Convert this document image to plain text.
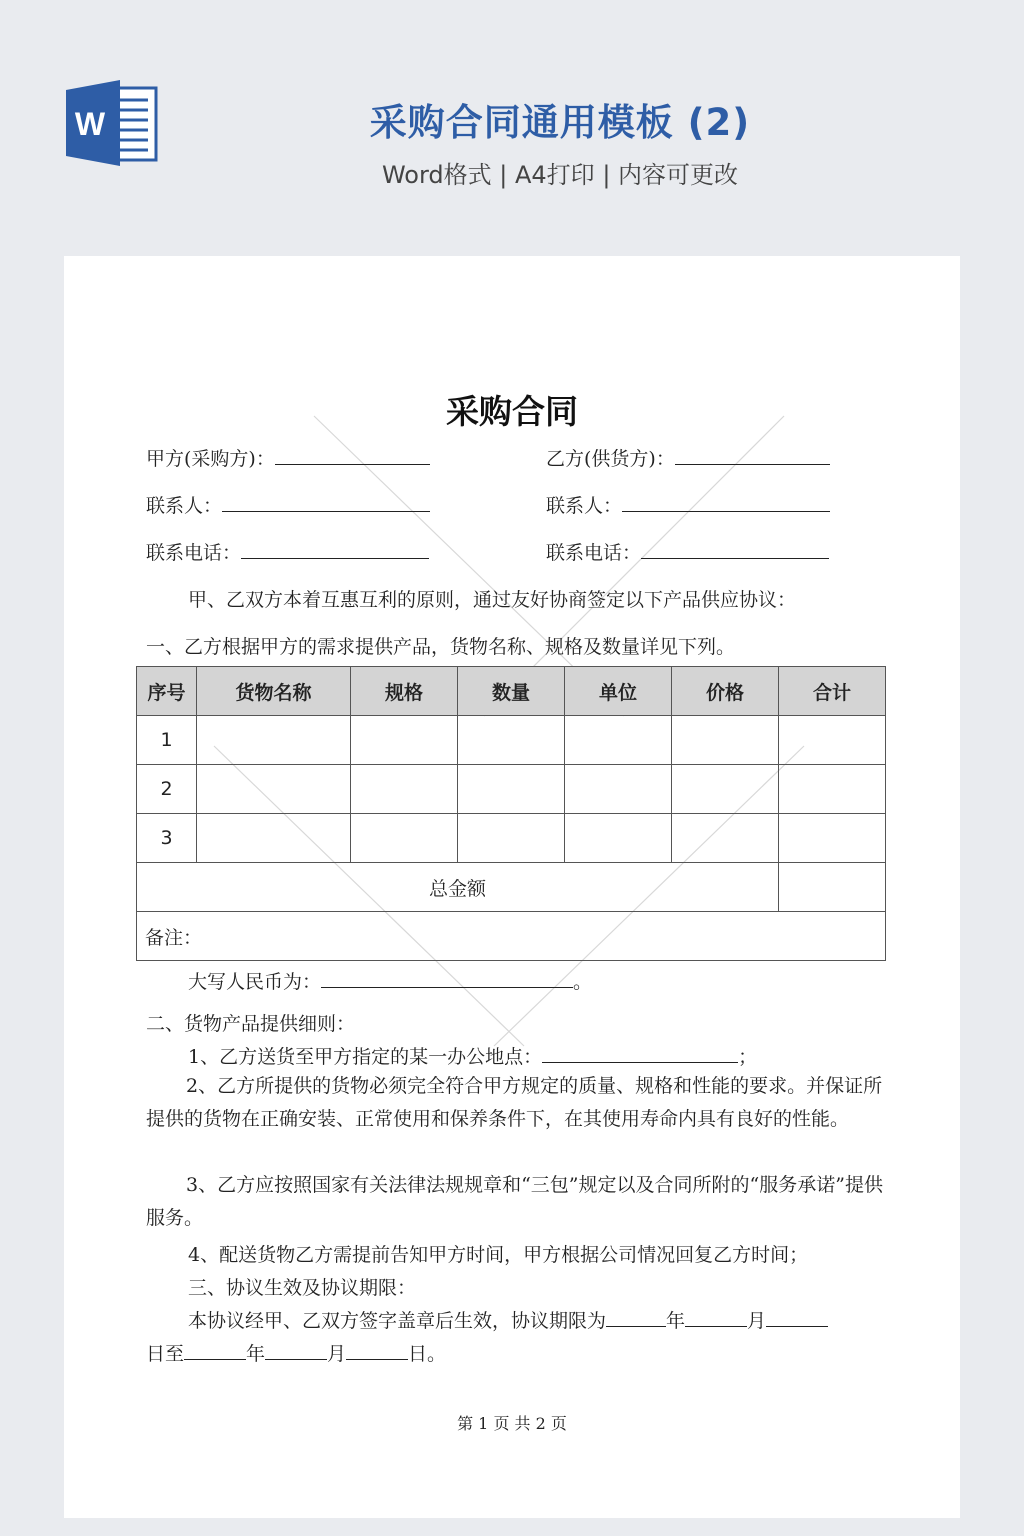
W	采购合同通用模板 (2)
Word格式 | A4打印 | 内容可更改
采购合同
甲方(采购方)：	乙方(供货方)：
联系人：	联系人：
联系电话：	联系电话：
甲、乙双方本着互惠互利的原则，通过友好协商签定以下产品供应协议：
一、乙方根据甲方的需求提供产品，货物名称、规格及数量详见下列。
序号	货物名称	规格	数量	单位	价格	合计
1						
2						
3						
总金额						
备注：						
大写人民币为：	。
二、货物产品提供细则：
1、乙方送货至甲方指定的某一办公地点：	；
2、乙方所提供的货物必须完全符合甲方规定的质量、规格和性能的要求。并保证所提供的货物在正确安装、正常使用和保养条件下，在其使用寿命内具有良好的性能。
3、乙方应按照国家有关法律法规规章和“三包”规定以及合同所附的“服务承诺”提供服务。
4、配送货物乙方需提前告知甲方时间，甲方根据公司情况回复乙方时间；
三、协议生效及协议期限：
本协议经甲、乙双方签字盖章后生效，协议期限为	年	月
日至	年	月	日。
第 1 页 共 2 页
